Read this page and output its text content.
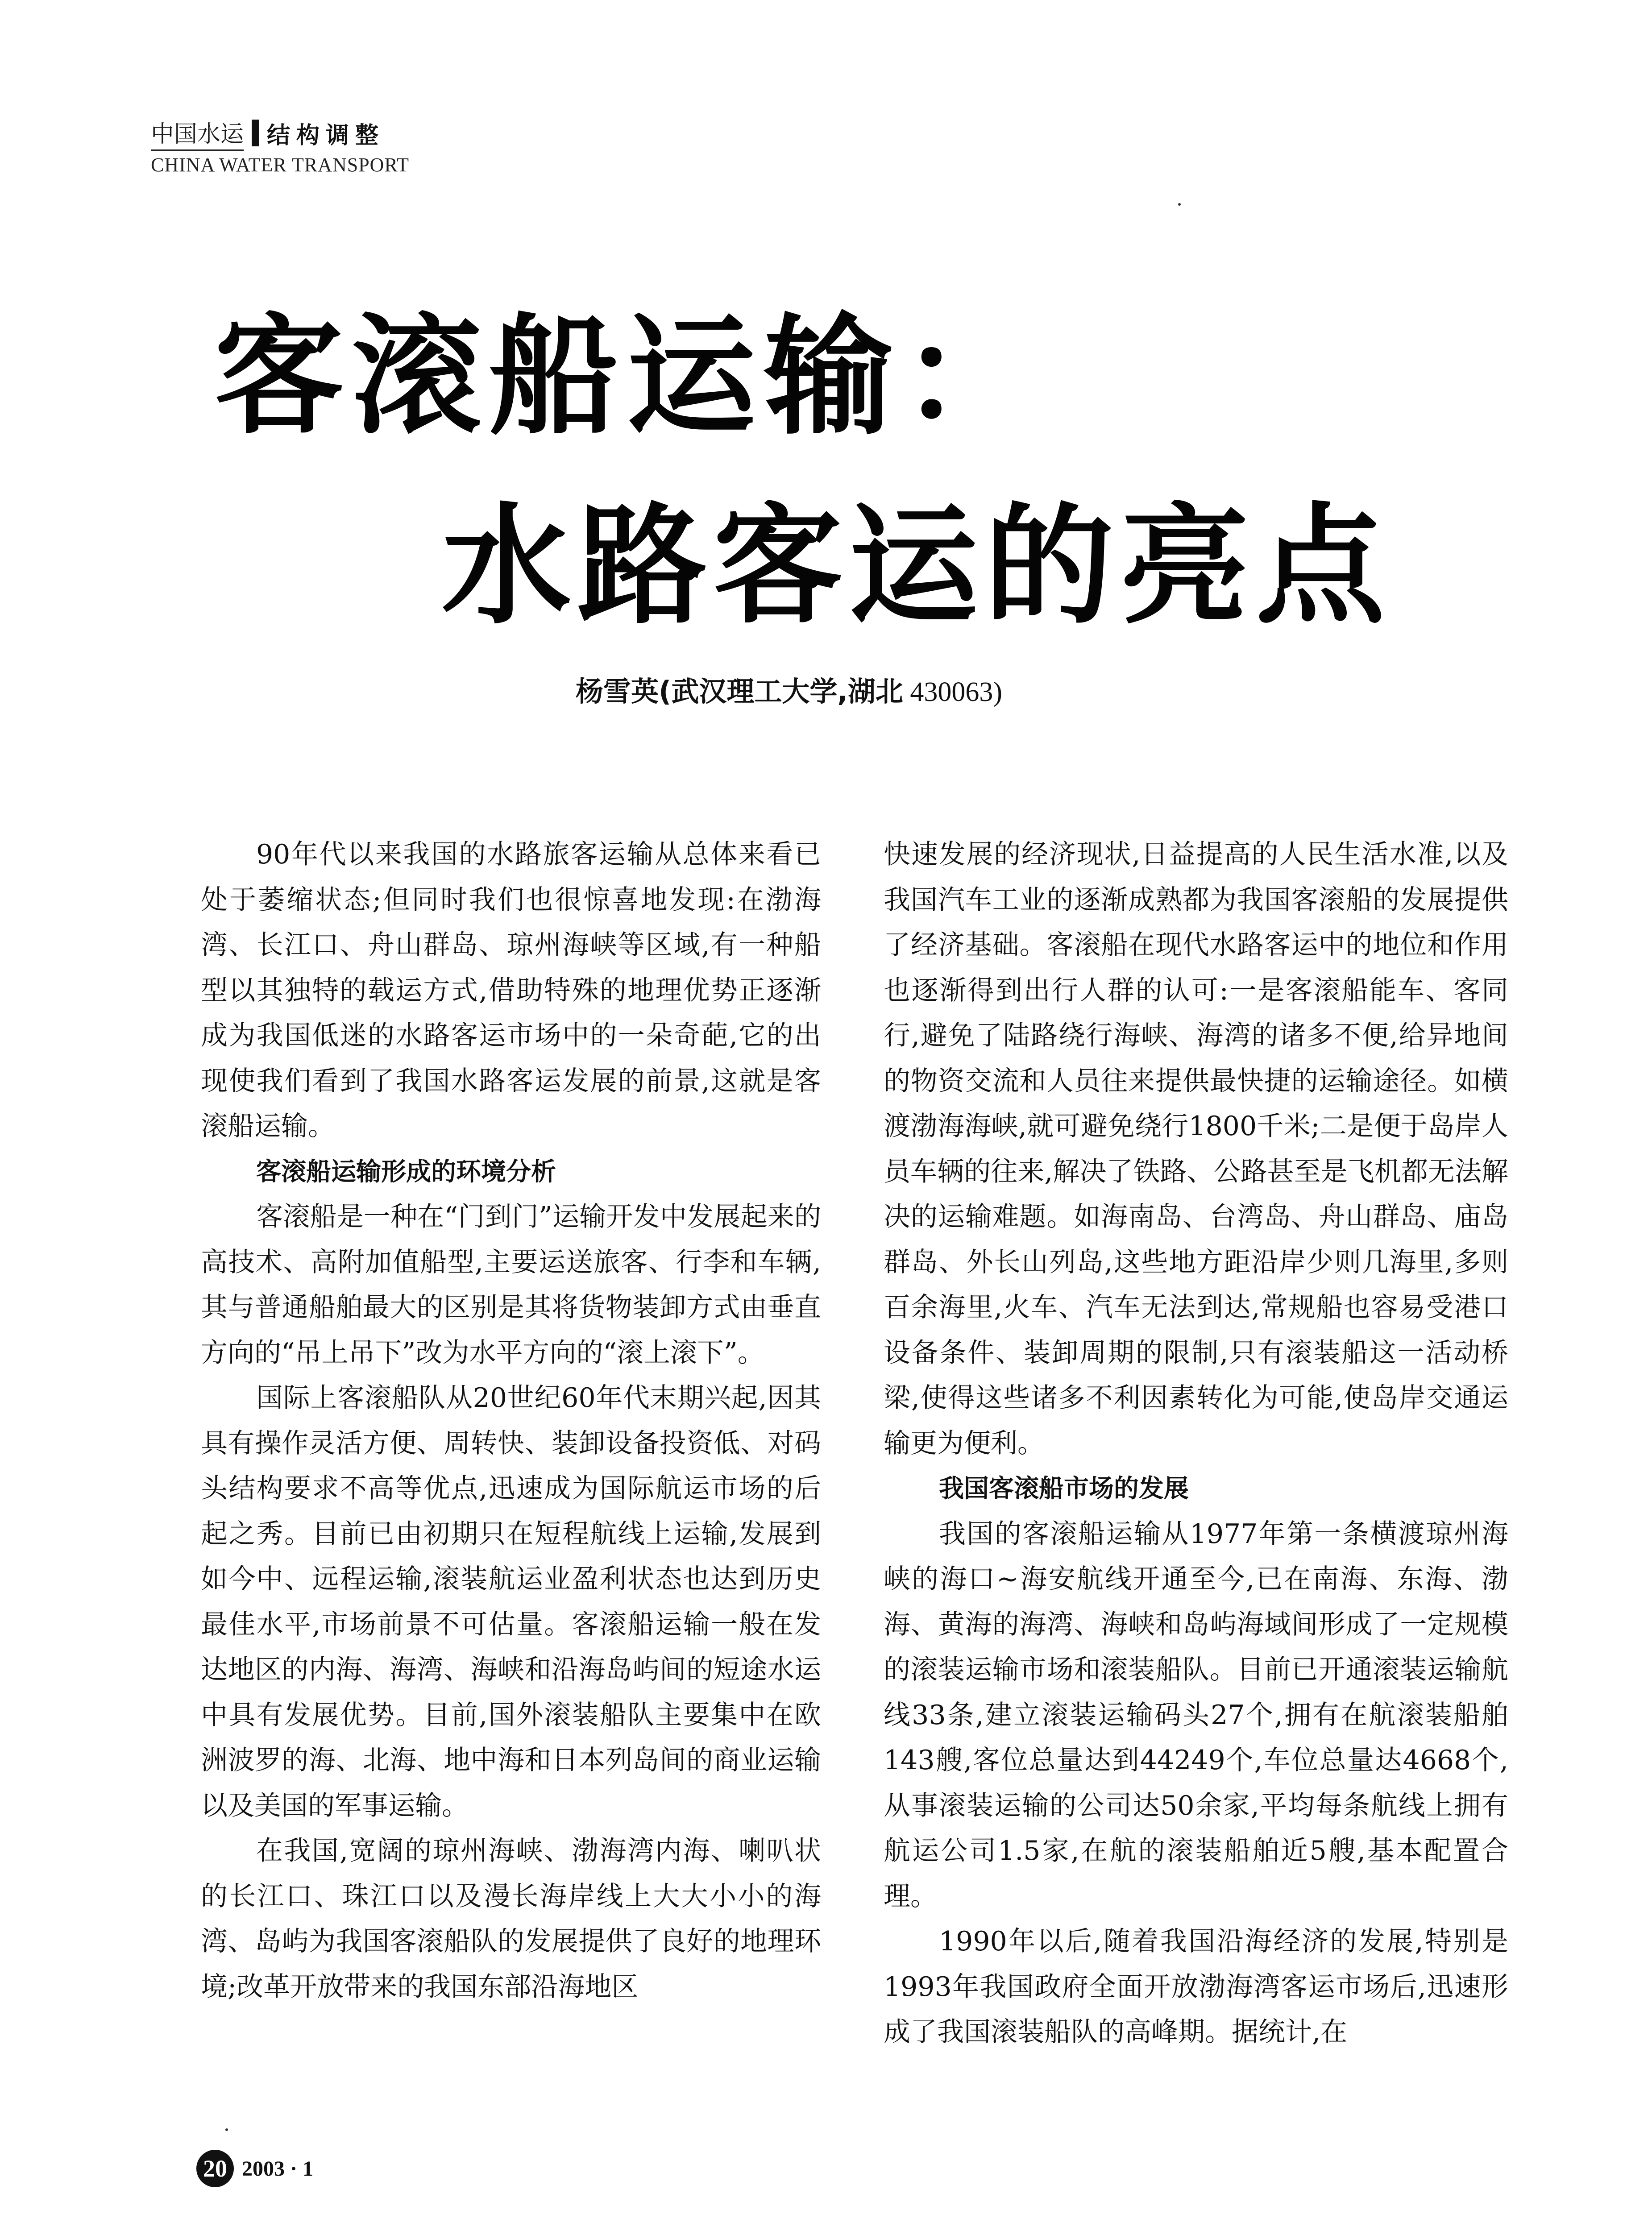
中国水运 结构调整
CHINA WATER TRANSPORT
客滚船运输：
水路客运的亮点
杨雪英(武汉理工大学,湖北 430063)

90年代以来我国的水路旅客运输从总体来看已处于萎缩状态;但同时我们也很惊喜地发现:在渤海湾、长江口、舟山群岛、琼州海峡等区域,有一种船型以其独特的载运方式,借助特殊的地理优势正逐渐成为我国低迷的水路客运市场中的一朵奇葩,它的出现使我们看到了我国水路客运发展的前景,这就是客滚船运输。

客滚船运输形成的环境分析

客滚船是一种在“门到门”运输开发中发展起来的高技术、高附加值船型,主要运送旅客、行李和车辆,其与普通船舶最大的区别是其将货物装卸方式由垂直方向的“吊上吊下”改为水平方向的“滚上滚下”。

国际上客滚船队从20世纪60年代末期兴起,因其具有操作灵活方便、周转快、装卸设备投资低、对码头结构要求不高等优点,迅速成为国际航运市场的后起之秀。目前已由初期只在短程航线上运输,发展到如今中、远程运输,滚装航运业盈利状态也达到历史最佳水平,市场前景不可估量。客滚船运输一般在发达地区的内海、海湾、海峡和沿海岛屿间的短途水运中具有发展优势。目前,国外滚装船队主要集中在欧洲波罗的海、北海、地中海和日本列岛间的商业运输以及美国的军事运输。

在我国,宽阔的琼州海峡、渤海湾内海、喇叭状的长江口、珠江口以及漫长海岸线上大大小小的海湾、岛屿为我国客滚船队的发展提供了良好的地理环境;改革开放带来的我国东部沿海地区

快速发展的经济现状,日益提高的人民生活水准,以及我国汽车工业的逐渐成熟都为我国客滚船的发展提供了经济基础。客滚船在现代水路客运中的地位和作用也逐渐得到出行人群的认可:一是客滚船能车、客同行,避免了陆路绕行海峡、海湾的诸多不便,给异地间的物资交流和人员往来提供最快捷的运输途径。如横渡渤海海峡,就可避免绕行1800千米;二是便于岛岸人员车辆的往来,解决了铁路、公路甚至是飞机都无法解决的运输难题。如海南岛、台湾岛、舟山群岛、庙岛群岛、外长山列岛,这些地方距沿岸少则几海里,多则百余海里,火车、汽车无法到达,常规船也容易受港口设备条件、装卸周期的限制,只有滚装船这一活动桥梁,使得这些诸多不利因素转化为可能,使岛岸交通运输更为便利。

我国客滚船市场的发展

我国的客滚船运输从1977年第一条横渡琼州海峡的海口~海安航线开通至今,已在南海、东海、渤海、黄海的海湾、海峡和岛屿海域间形成了一定规模的滚装运输市场和滚装船队。目前已开通滚装运输航线33条,建立滚装运输码头27个,拥有在航滚装船舶143艘,客位总量达到44249个,车位总量达4668个,从事滚装运输的公司达50余家,平均每条航线上拥有航运公司1.5家,在航的滚装船舶近5艘,基本配置合理。

1990年以后,随着我国沿海经济的发展,特别是1993年我国政府全面开放渤海湾客运市场后,迅速形成了我国滚装船队的高峰期。据统计,在

20 2003 · 1
